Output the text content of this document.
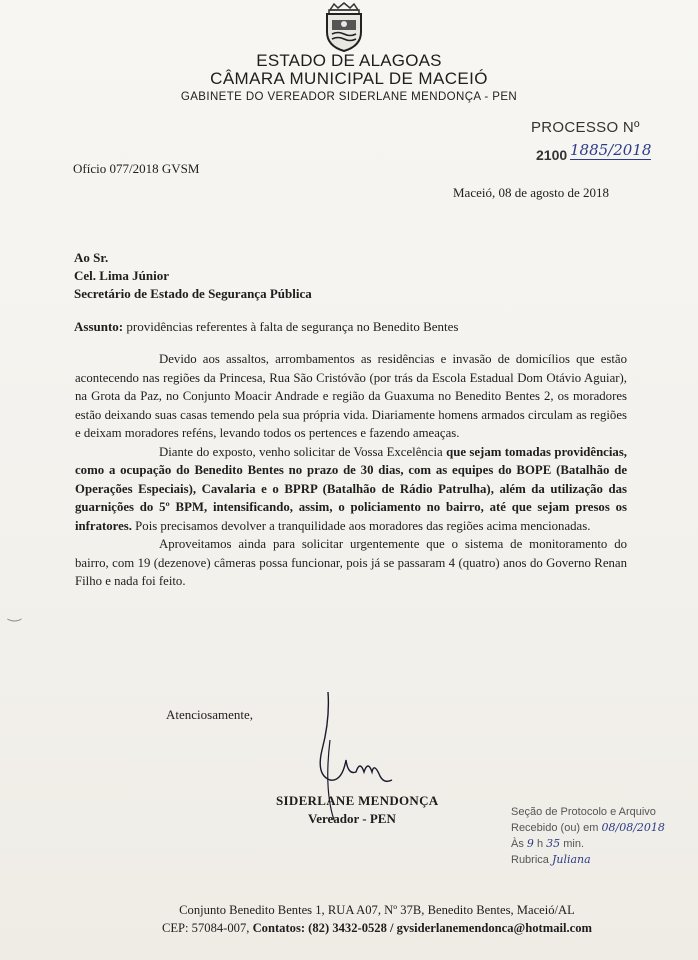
ESTADO DE ALAGOAS
CÂMARA MUNICIPAL DE MACEIÓ
GABINETE DO VEREADOR SIDERLANE MENDONÇA - PEN
PROCESSO Nº
2100 1885/2018
Ofício 077/2018 GVSM
Maceió, 08 de agosto de 2018
Ao Sr.
Cel. Lima Júnior
Secretário de Estado de Segurança Pública
Assunto: providências referentes à falta de segurança no Benedito Bentes

Devido aos assaltos, arrombamentos as residências e invasão de domicílios que estão acontecendo nas regiões da Princesa, Rua São Cristóvão (por trás da Escola Estadual Dom Otávio Aguiar), na Grota da Paz, no Conjunto Moacir Andrade e região da Guaxuma no Benedito Bentes 2, os moradores estão deixando suas casas temendo pela sua própria vida. Diariamente homens armados circulam as regiões e deixam moradores reféns, levando todos os pertences e fazendo ameaças.

Diante do exposto, venho solicitar de Vossa Excelência que sejam tomadas providências, como a ocupação do Benedito Bentes no prazo de 30 dias, com as equipes do BOPE (Batalhão de Operações Especiais), Cavalaria e o BPRP (Batalhão de Rádio Patrulha), além da utilização das guarnições do 5º BPM, intensificando, assim, o policiamento no bairro, até que sejam presos os infratores. Pois precisamos devolver a tranquilidade aos moradores das regiões acima mencionadas.

Aproveitamos ainda para solicitar urgentemente que o sistema de monitoramento do bairro, com 19 (dezenove) câmeras possa funcionar, pois já se passaram 4 (quatro) anos do Governo Renan Filho e nada foi feito.

‿
Atenciosamente,
SIDERLANE MENDONÇA
Vereador - PEN	Seção de Protocolo e Arquivo
Recebido (ou) em 08/08/2018
Às 9 h 35 min.
Rubrica Juliana
Conjunto Benedito Bentes 1, RUA A07, Nº 37B, Benedito Bentes, Maceió/AL
CEP: 57084-007, Contatos: (82) 3432-0528 / gvsiderlanemendonca@hotmail.com
